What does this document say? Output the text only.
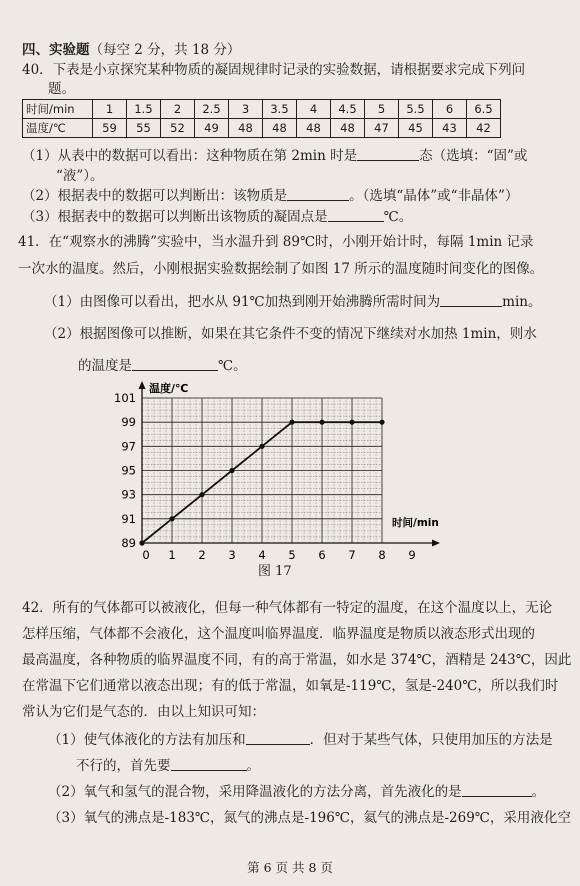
四、实验题（每空 2 分，共 18 分）
40．下表是小京探究某种物质的凝固规律时记录的实验数据，请根据要求完成下列问
题。
时间/min	1	1.5	2	2.5	3	3.5	4	4.5	5	5.5	6	6.5
温度/℃	59	55	52	49	48	48	48	48	47	45	43	42
（1）从表中的数据可以看出：这种物质在第 2min 时是	态（选填：“固”或
“液”）。
（2）根据表中的数据可以判断出：该物质是	。（选填“晶体”或“非晶体”）
（3）根据表中的数据可以判断出该物质的凝固点是	℃。
41．在“观察水的沸腾”实验中，当水温升到 89℃时，小刚开始计时，每隔 1min 记录
一次水的温度。然后，小刚根据实验数据绘制了如图 17 所示的温度随时间变化的图像。
（1）由图像可以看出，把水从 91℃加热到刚开始沸腾所需时间为	min。
（2）根据图像可以推断，如果在其它条件不变的情况下继续对水加热 1min，则水
的温度是	℃。
89
91
93
95
97
99
101
0 1 2 3 4 5 6 7 8 9
温度/℃
时间/min
图 17
42．所有的气体都可以被液化，但每一种气体都有一特定的温度，在这个温度以上，无论
怎样压缩，气体都不会液化，这个温度叫临界温度．临界温度是物质以液态形式出现的
最高温度，各种物质的临界温度不同，有的高于常温，如水是 374℃，酒精是 243℃，因此
在常温下它们通常以液态出现；有的低于常温，如氧是-119℃，氢是-240℃，所以我们时
常认为它们是气态的．由以上知识可知：
（1）使气体液化的方法有加压和	．但对于某些气体，只使用加压的方法是
不行的，首先要	。
（2）氧气和氢气的混合物，采用降温液化的方法分离，首先液化的是	。
（3）氧气的沸点是-183℃，氮气的沸点是-196℃，氦气的沸点是-269℃，采用液化空
第 6 页 共 8 页
